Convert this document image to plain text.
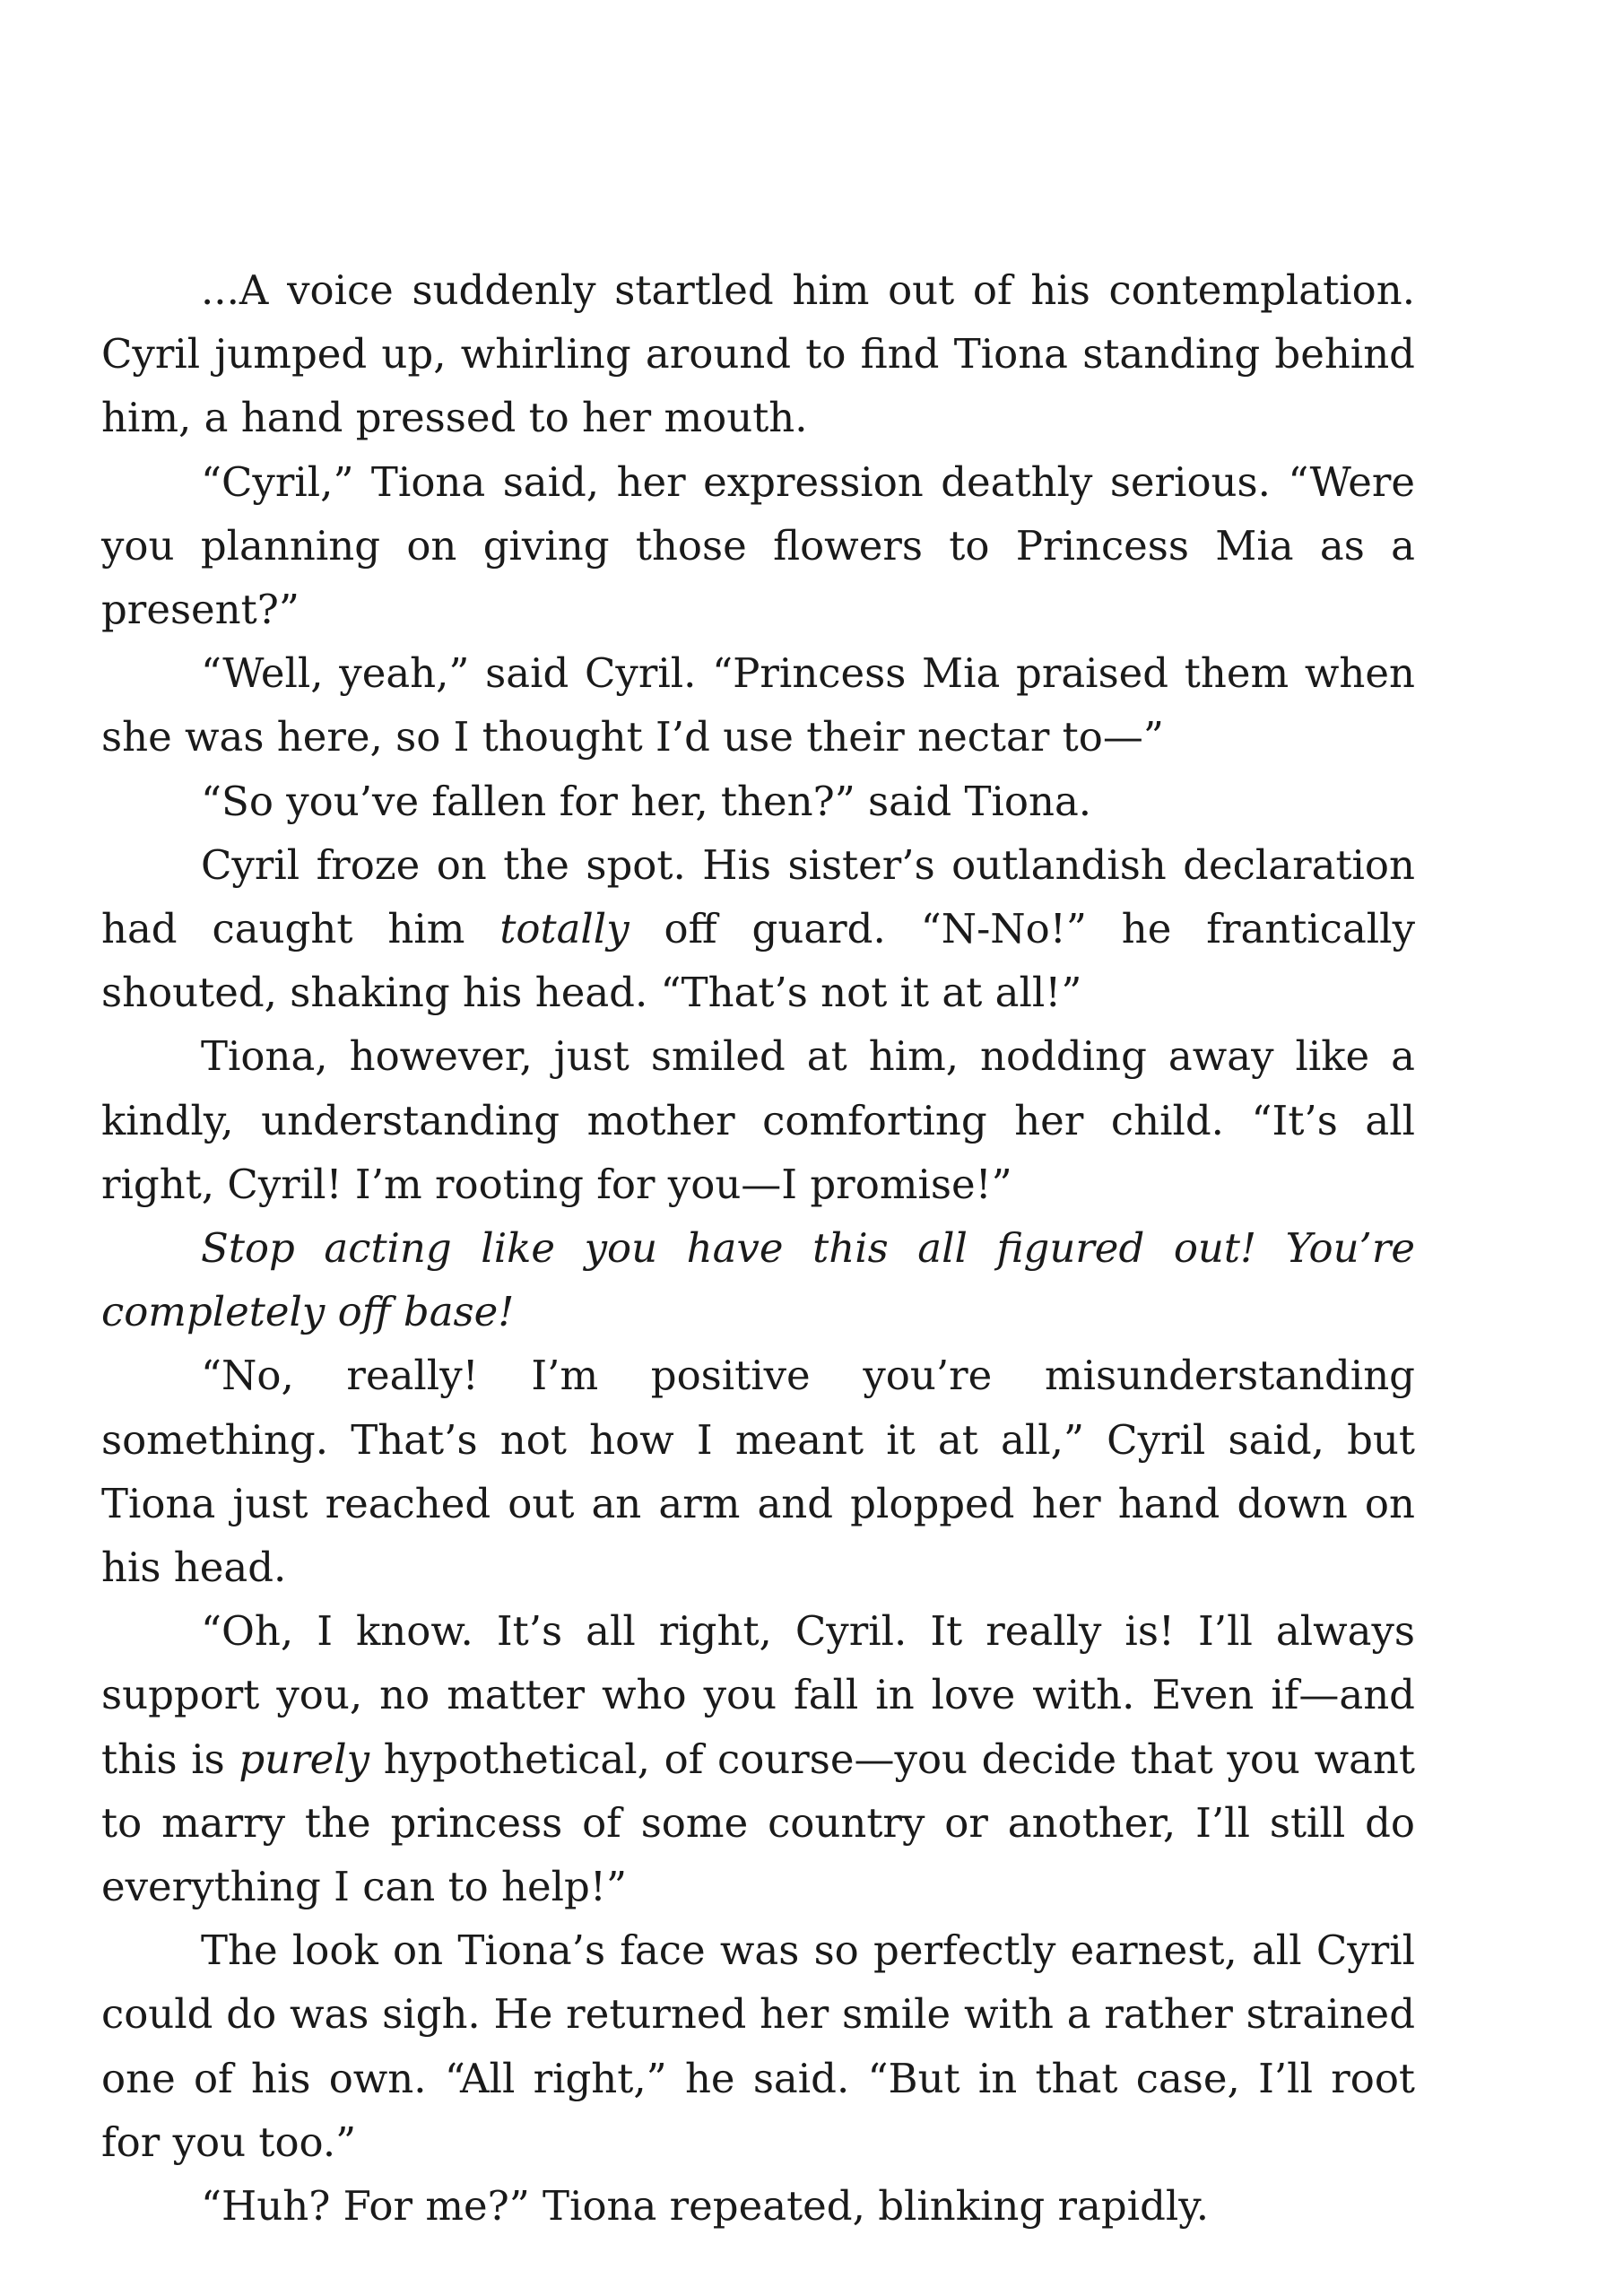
...A voice suddenly startled him out of his contemplation. Cyril jumped up, whirling around to find Tiona standing behind him, a hand pressed to her mouth.

“Cyril,” Tiona said, her expression deathly serious. “Were you planning on giving those flowers to Princess Mia as a present?”

“Well, yeah,” said Cyril. “Princess Mia praised them when she was here, so I thought I’d use their nectar to—”

“So you’ve fallen for her, then?” said Tiona.

Cyril froze on the spot. His sister’s outlandish declaration had caught him totally off guard. “N-No!” he frantically shouted, shaking his head. “That’s not it at all!”

Tiona, however, just smiled at him, nodding away like a kindly, understanding mother comforting her child. “It’s all right, Cyril! I’m rooting for you—I promise!”

Stop acting like you have this all figured out! You’re completely off base!

“No, really! I’m positive you’re misunderstanding something. That’s not how I meant it at all,” Cyril said, but Tiona just reached out an arm and plopped her hand down on his head.

“Oh, I know. It’s all right, Cyril. It really is! I’ll always support you, no matter who you fall in love with. Even if—and this is purely hypothetical, of course—you decide that you want to marry the princess of some country or another, I’ll still do everything I can to help!”

The look on Tiona’s face was so perfectly earnest, all Cyril could do was sigh. He returned her smile with a rather strained one of his own. “All right,” he said. “But in that case, I’ll root for you too.”

“Huh? For me?” Tiona repeated, blinking rapidly.
